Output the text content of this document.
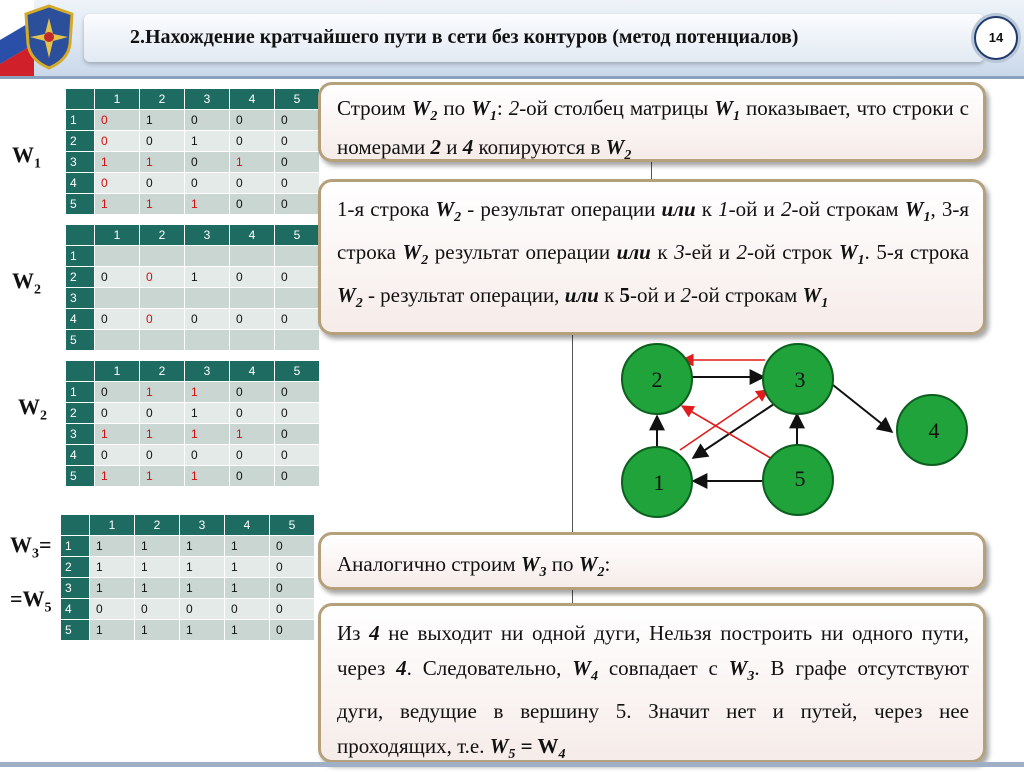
2.Нахождение кратчайшего пути в сети без контуров (метод потенциалов)	14
	1	2	3	4	5
1	0	1	0	0	0
2	0	0	1	0	0
3	1	1	0	1	0
4	0	0	0	0	0
5	1	1	1	0	0
$W_1$
	1	2	3	4	5
1					
2	0	0	1	0	0
3					
4	0	0	0	0	0
5					
$W_2$
	1	2	3	4	5
1	0	1	1	0	0
2	0	0	1	0	0
3	1	1	1	1	0
4	0	0	0	0	0
5	1	1	1	0	0
$W_2$
	1	2	3	4	5
1	1	1	1	1	0
2	1	1	1	1	0
3	1	1	1	1	0
4	0	0	0	0	0
5	1	1	1	1	0
$W_3=$
$=W_5$
Строим $W_2$ по $W_1$: 2-ой столбец матрицы $W_1$ показывает, что строки с номерами 2 и 4 копируются в $W_2$
1-я строка $W_2$ - результат операции или к 1-ой и 2-ой строкам $W_1$, 3-я строка $W_2$ результат операции или к 3-ей и 2-ой строк $W_1$. 5-я строка $W_2$ - результат операции, или к 5-ой и 2-ой строкам $W_1$
Аналогично строим $W_3$ по $W_2$:
Из 4 не выходит ни одной дуги, Нельзя построить ни одного пути, через 4. Следовательно, $W_4$ совпадает с $W_3$. В графе отсутствуют дуги, ведущие в вершину 5. Значит нет и путей, через нее проходящих, т.е. $W_5 = W_4$
2	3
4
1	5
